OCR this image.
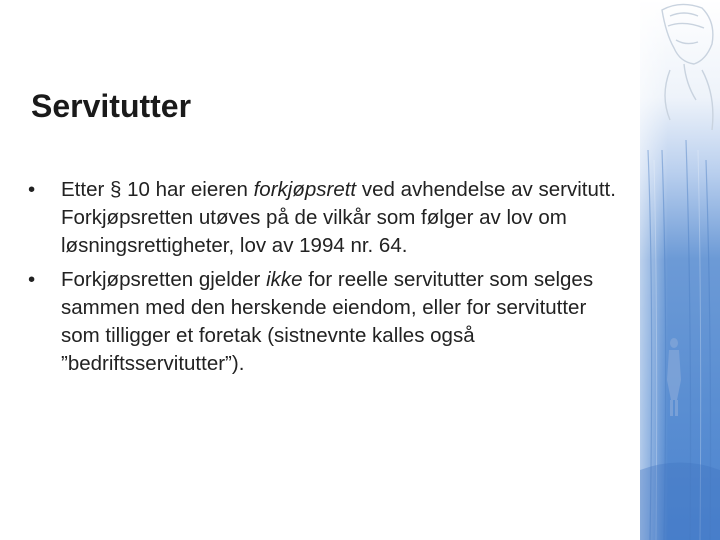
Servitutter
• Etter § 10 har eieren forkjøpsrett ved avhendelse av servitutt. Forkjøpsretten utøves på de vilkår som følger av lov om løsningsrettigheter, lov av 1994 nr. 64.
• Forkjøpsretten gjelder ikke for reelle servitutter som selges sammen med den herskende eiendom, eller for servitutter som tilligger et foretak (sistnevnte kalles også ”bedriftsservitutter”).
